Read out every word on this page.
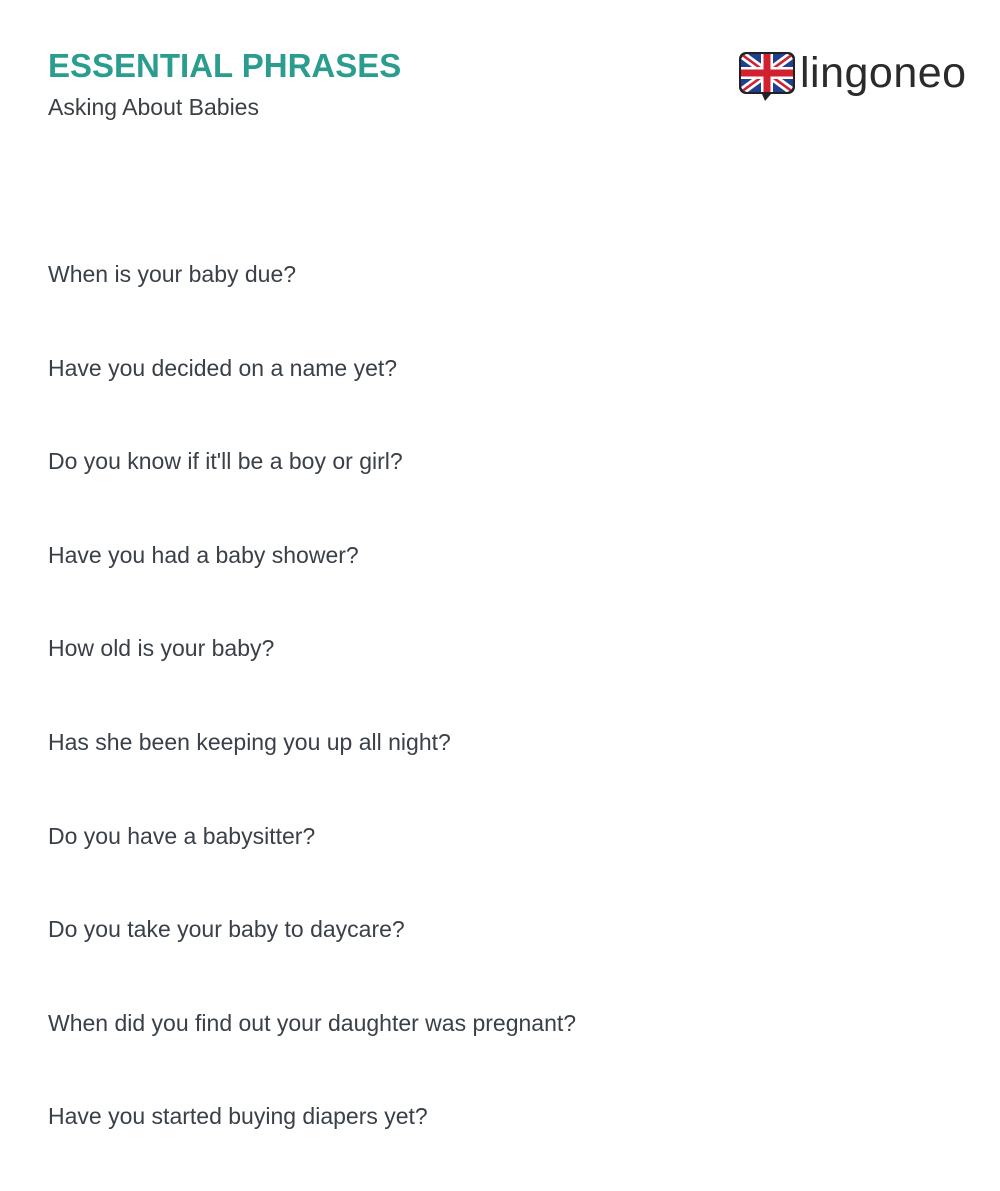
ESSENTIAL PHRASES
Asking About Babies
lingoneo
When is your baby due?
Have you decided on a name yet?
Do you know if it'll be a boy or girl?
Have you had a baby shower?
How old is your baby?
Has she been keeping you up all night?
Do you have a babysitter?
Do you take your baby to daycare?
When did you find out your daughter was pregnant?
Have you started buying diapers yet?
